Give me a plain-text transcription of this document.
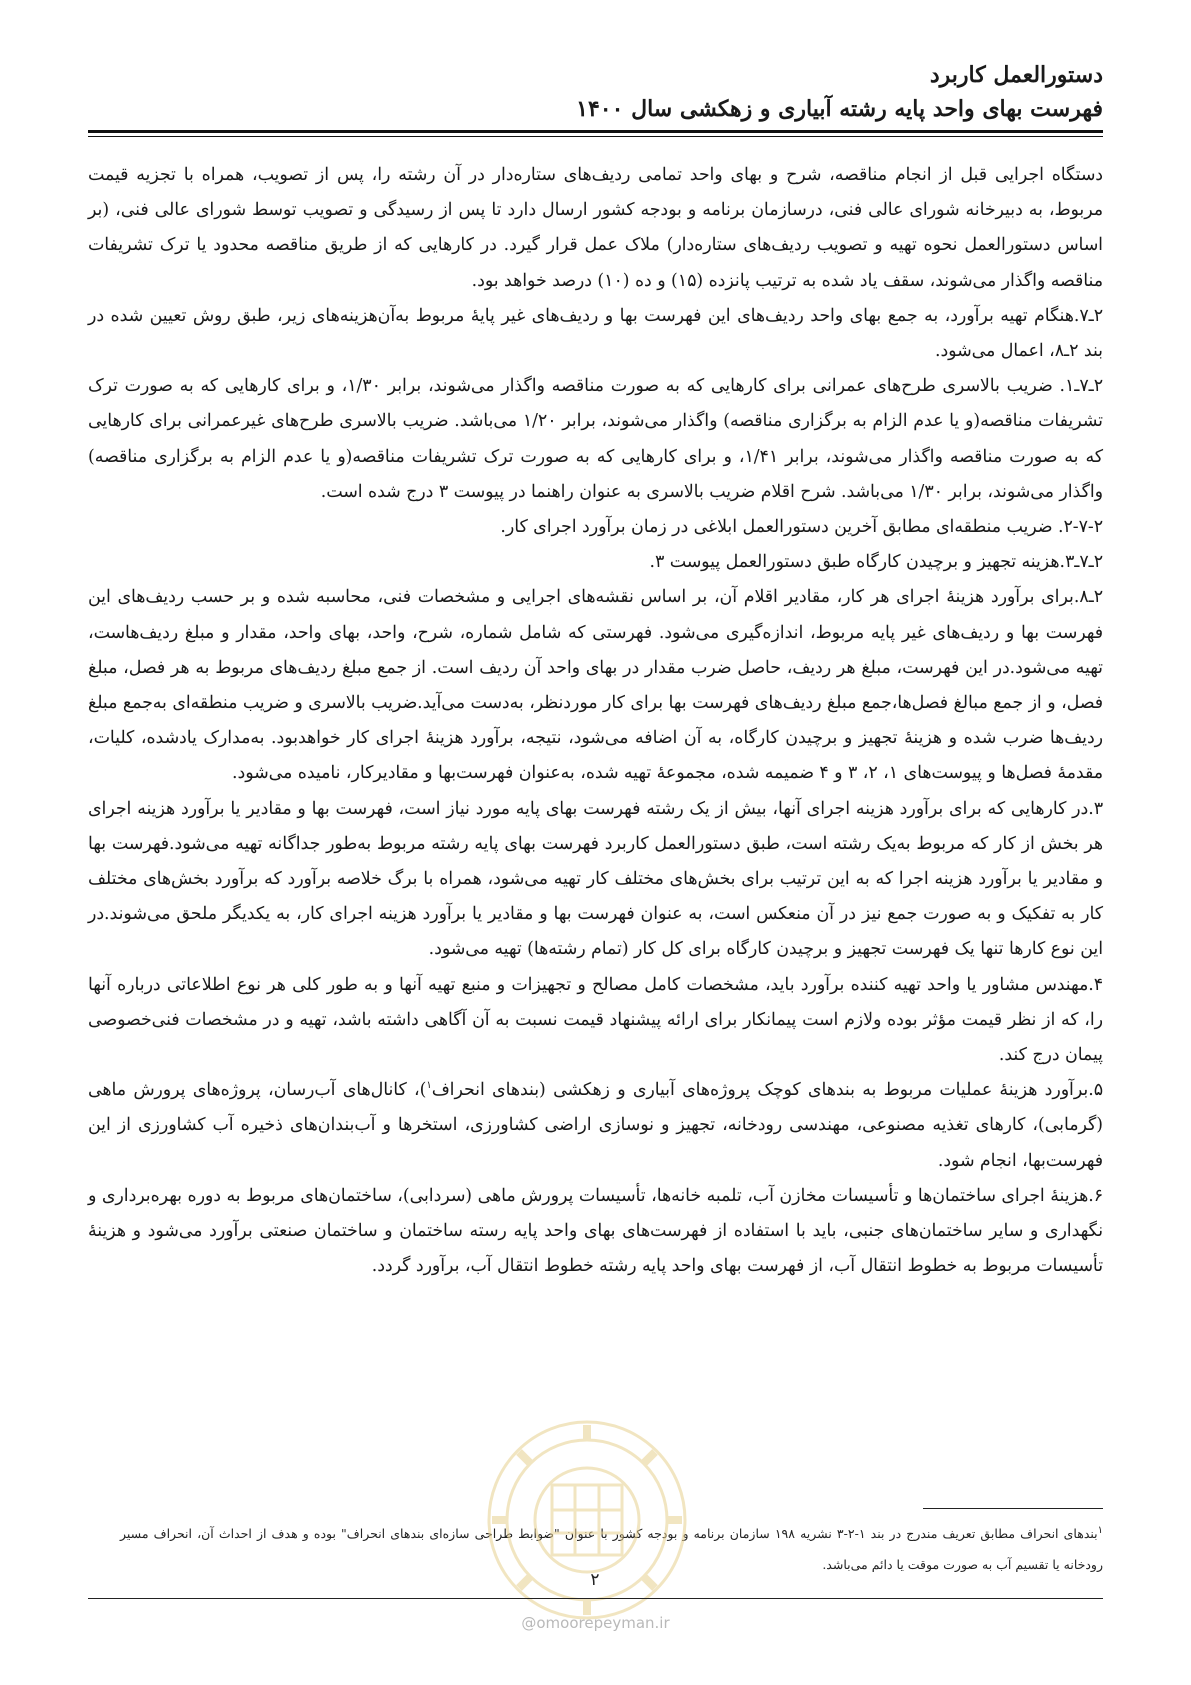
دستورالعمل کاربرد
فهرست بهای واحد پایه رشته آبیاری و زهکشی سال ۱۴۰۰

دستگاه اجرایی قبل از انجام مناقصه، شرح و بهای واحد تمامی ردیف‌های ستاره‌دار در آن رشته را، پس از تصویب، همراه با تجزیه قیمت مربوط، به دبیرخانه شورای عالی فنی، درسازمان برنامه و بودجه کشور ارسال دارد تا پس از رسیدگی و تصویب توسط شورای عالی فنی، (بر اساس دستورالعمل نحوه تهیه و تصویب ردیف‌های ستاره‌دار) ملاک عمل قرار گیرد. در کارهایی که از طریق مناقصه محدود یا ترک تشریفات مناقصه واگذار می‌شوند، سقف یاد شده به ترتیب پانزده (۱۵) و ده (۱۰) درصد خواهد بود.

۲ـ۷.هنگام تهیه برآورد، به جمع بهای واحد ردیف‌های این فهرست بها و ردیف‌های غیر پایهٔ مربوط به‌آن‌هزینه‌های زیر، طبق روش تعیین شده در بند ۲ـ۸، اعمال می‌شود.

۲ـ۷ـ۱. ضریب بالاسری طرح‌های عمرانی برای کارهایی که به صورت مناقصه واگذار می‌شوند، برابر ۱/۳۰، و برای کارهایی که به صورت ترک تشریفات مناقصه(و یا عدم الزام به برگزاری مناقصه) واگذار می‌شوند، برابر ۱/۲۰ می‌باشد. ضریب بالاسری طرح‌های غیرعمرانی برای کارهایی که به صورت مناقصه واگذار می‌شوند، برابر ۱/۴۱، و برای کارهایی که به صورت ترک تشریفات مناقصه(و یا عدم الزام به برگزاری مناقصه) واگذار می‌شوند، برابر ۱/۳۰ می‌باشد. شرح اقلام ضریب بالاسری به عنوان راهنما در پیوست ۳ درج شده است.

۲-۷-۲. ضریب منطقه‌ای مطابق آخرین دستورالعمل ابلاغی در زمان برآورد اجرای کار.

۲ـ۷ـ۳.هزینه تجهیز و برچیدن کارگاه طبق دستورالعمل پیوست ۳.

۲ـ۸.برای برآورد هزینهٔ اجرای هر کار، مقادیر اقلام آن، بر اساس نقشه‌های اجرایی و مشخصات فنی، محاسبه شده و بر حسب ردیف‌های این فهرست بها و ردیف‌های غیر پایه مربوط، اندازه‌گیری می‌شود. فهرستی که شامل شماره، شرح، واحد، بهای واحد، مقدار و مبلغ ردیف‌هاست، تهیه می‌شود.در این فهرست، مبلغ هر ردیف، حاصل ضرب مقدار در بهای واحد آن ردیف است. از جمع مبلغ ردیف‌های مربوط به هر فصل، مبلغ فصل، و از جمع مبالغ فصل‌ها،جمع مبلغ ردیف‌های فهرست بها برای کار موردنظر، به‌دست می‌آید.ضریب بالاسری و ضریب منطقه‌ای به‌جمع مبلغ ردیف‌ها ضرب شده و هزینهٔ تجهیز و برچیدن کارگاه، به آن اضافه می‌شود، نتیجه، برآورد هزینهٔ اجرای کار خواهدبود. به‌مدارک یادشده، کلیات، مقدمهٔ فصل‌ها و پیوست‌های ۱، ۲، ۳ و ۴ ضمیمه شده، مجموعهٔ تهیه شده، به‌عنوان فهرست‌بها و مقادیرکار، نامیده می‌شود.

۳.در کارهایی که برای برآورد هزینه اجرای آنها، بیش از یک رشته فهرست بهای پایه مورد نیاز است، فهرست بها و مقادیر یا برآورد هزینه اجرای هر بخش از کار که مربوط به‌یک رشته است، طبق دستورالعمل کاربرد فهرست بهای پایه رشته مربوط به‌طور جداگانه تهیه می‌شود.فهرست بها و مقادیر یا برآورد هزینه اجرا که به این ترتیب برای بخش‌های مختلف کار تهیه می‌شود، همراه با برگ خلاصه برآورد که برآورد بخش‌های مختلف کار به تفکیک و به صورت جمع نیز در آن منعکس است، به عنوان فهرست بها و مقادیر یا برآورد هزینه اجرای کار، به یکدیگر ملحق می‌شوند.در این نوع کارها تنها یک فهرست تجهیز و برچیدن کارگاه برای کل کار (تمام رشته‌ها) تهیه می‌شود.

۴.مهندس مشاور یا واحد تهیه کننده برآورد باید، مشخصات کامل مصالح و تجهیزات و منبع تهیه آنها و به طور کلی هر نوع اطلاعاتی درباره آنها را، که از نظر قیمت مؤثر بوده ولازم است پیمانکار برای ارائه پیشنهاد قیمت نسبت به آن آگاهی داشته باشد، تهیه و در مشخصات فنی‌خصوصی پیمان درج کند.

۵.برآورد هزینهٔ عملیات مربوط به بندهای کوچک پروژه‌های آبیاری و زهکشی (بندهای انحراف$^۱$)، کانال‌های آب‌رسان، پروژه‌های پرورش ماهی (گرمابی)، کارهای تغذیه مصنوعی، مهندسی رودخانه، تجهیز و نوسازی اراضی کشاورزی، استخرها و آب‌بندان‌های ذخیره آب کشاورزی از این فهرست‌بها، انجام شود.

۶.هزینهٔ اجرای ساختمان‌ها و تأسیسات مخازن آب، تلمبه خانه‌ها، تأسیسات پرورش ماهی (سردابی)، ساختمان‌های مربوط به دوره بهره‌برداری و نگهداری و سایر ساختمان‌های جنبی، باید با استفاده از فهرست‌های بهای واحد پایه رسته ساختمان و ساختمان صنعتی برآورد می‌شود و هزینهٔ تأسیسات مربوط به خطوط انتقال آب، از فهرست بهای واحد پایه رشته خطوط انتقال آب، برآورد گردد.

$^۱$بندهای انحراف مطابق تعریف مندرج در بند ۱-۲-۳ نشریه ۱۹۸ سازمان برنامه و بودجه کشور با عنوان "ضوابط طراحی سازه‌ای بندهای انحراف" بوده و هدف از احداث آن، انحراف مسیر رودخانه یا تقسیم آب به صورت موقت یا دائم می‌باشد.

۲
@omoorepeyman.ir
